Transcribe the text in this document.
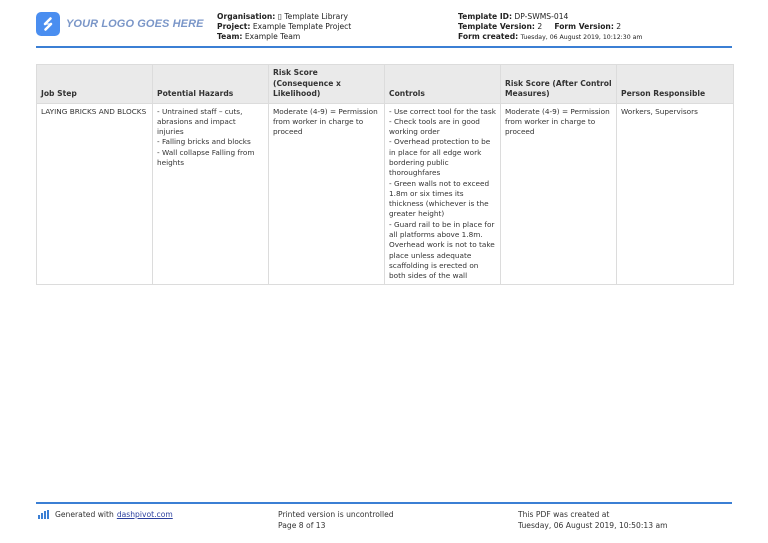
YOUR LOGO GOES HERE
Organisation: ▯ Template Library
Project: Example Template Project
Team: Example Team
Template ID: DP-SWMS-014
Template Version: 2 Form Version: 2
Form created: Tuesday, 06 August 2019, 10:12:30 am
Job Step	Potential Hazards	Risk Score (Consequence x Likelihood)	Controls	Risk Score (After Control Measures)	Person Responsible
LAYING BRICKS AND BLOCKS	- Untrained staff – cuts, abrasions and impact injuries
- Falling bricks and blocks
- Wall collapse Falling from heights
	Moderate (4-9) = Permission from worker in charge to proceed	
- Use correct tool for the task
- Check tools are in good working order
- Overhead protection to be in place for all edge work bordering public thoroughfares
- Green walls not to exceed 1.8m or six times its thickness (whichever is the greater height)
- Guard rail to be in place for all platforms above 1.8m. Overhead work is not to take place unless adequate scaffolding is erected on both sides of the wall
	Moderate (4-9) = Permission from worker in charge to proceed	Workers, Supervisors
Generated with dashpivot.com	Printed version is uncontrolled
Page 8 of 13
This PDF was created at
Tuesday, 06 August 2019, 10:50:13 am
